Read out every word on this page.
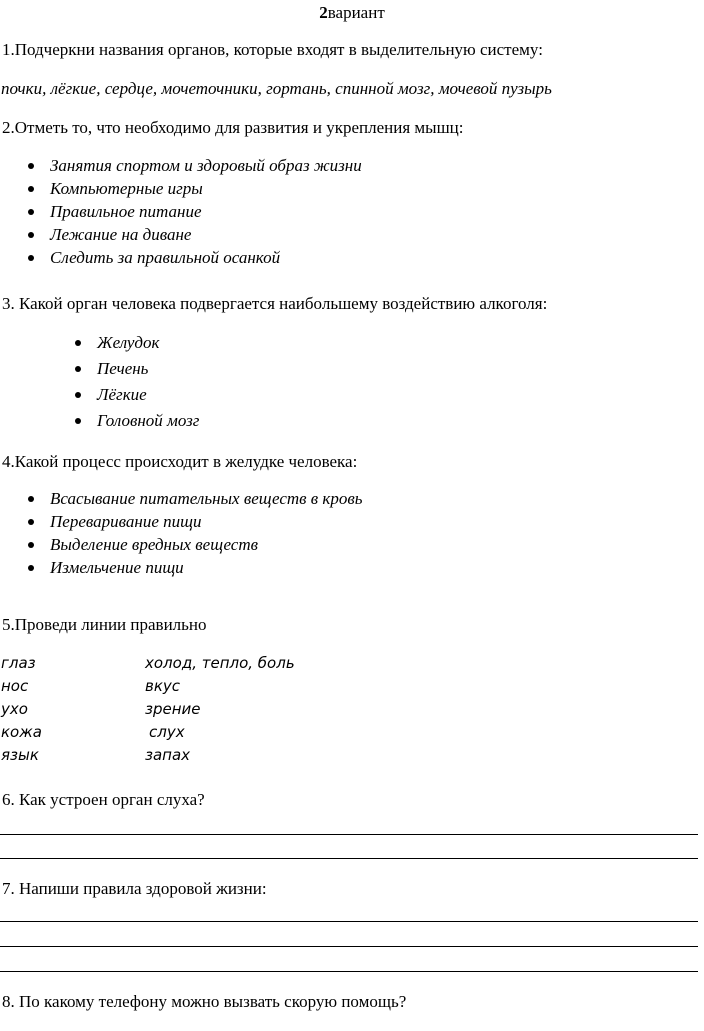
2вариант
1.Подчеркни названия органов, которые входят в выделительную систему:
почки, лёгкие, сердце, мочеточники, гортань, спинной мозг, мочевой пузырь
2.Отметь то, что необходимо для развития и укрепления мышц:
Занятия спортом и здоровый образ жизни
Компьютерные игры
Правильное питание
Лежание на диване
Следить за правильной осанкой
3. Какой орган человека подвергается наибольшему воздействию алкоголя:
Желудок
Печень
Лёгкие
Головной мозг
4.Какой процесс происходит в желудке человека:
Всасывание питательных веществ в кровь
Переваривание пищи
Выделение вредных веществ
Измельчение пищи
5.Проведи линии правильно
глаз
нос
ухо
кожа
язык
холод, тепло, боль
вкус
зрение
слух
запах
6. Как устроен орган слуха?
7. Напиши правила здоровой жизни:
8. По какому телефону можно вызвать скорую помощь?
